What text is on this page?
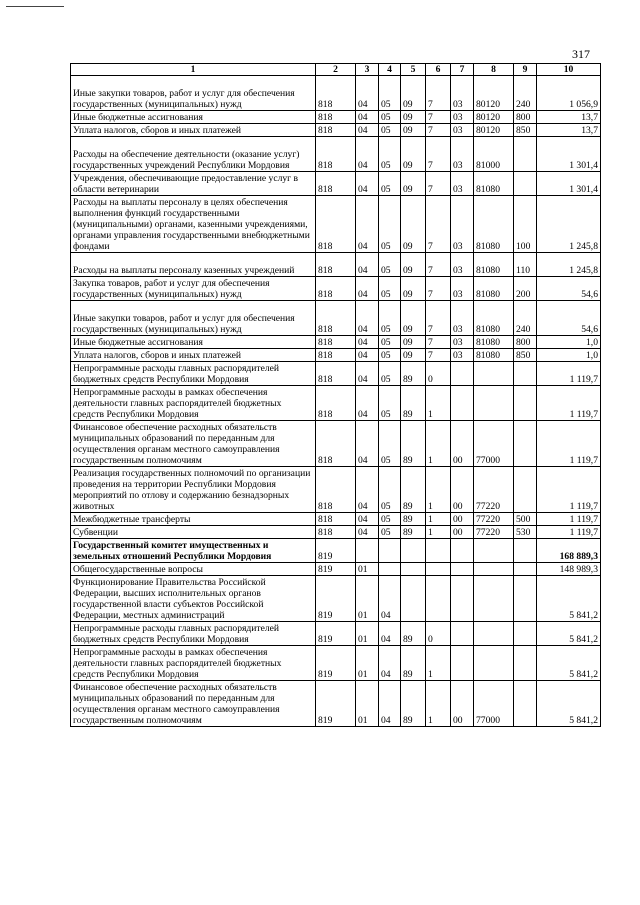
317
1	2	3	4	5	6	7	8	9	10
Иные закупки товаров, работ и услуг для обеспечения государственных (муниципальных) нужд	818	04	05	09	7	03	80120	240	1 056,9
Иные бюджетные ассигнования	818	04	05	09	7	03	80120	800	13,7
Уплата налогов, сборов и иных платежей	818	04	05	09	7	03	80120	850	13,7
Расходы на обеспечение деятельности (оказание услуг) государственных учреждений Республики Мордовия	818	04	05	09	7	03	81000		1 301,4
Учреждения, обеспечивающие предоставление услуг в области ветеринарии	818	04	05	09	7	03	81080		1 301,4
Расходы на выплаты персоналу в целях обеспечения выполнения функций государственными (муниципальными) органами, казенными учреждениями, органами управления государственными внебюджетными фондами	818	04	05	09	7	03	81080	100	1 245,8
Расходы на выплаты персоналу казенных учреждений	818	04	05	09	7	03	81080	110	1 245,8
Закупка товаров, работ и услуг для обеспечения государственных (муниципальных) нужд	818	04	05	09	7	03	81080	200	54,6
Иные закупки товаров, работ и услуг для обеспечения государственных (муниципальных) нужд	818	04	05	09	7	03	81080	240	54,6
Иные бюджетные ассигнования	818	04	05	09	7	03	81080	800	1,0
Уплата налогов, сборов и иных платежей	818	04	05	09	7	03	81080	850	1,0
Непрограммные расходы главных распорядителей бюджетных средств Республики Мордовия	818	04	05	89	0				1 119,7
Непрограммные расходы в рамках обеспечения деятельности главных распорядителей бюджетных средств Республики Мордовия	818	04	05	89	1				1 119,7
Финансовое обеспечение расходных обязательств муниципальных образований по переданным для осуществления органам местного самоуправления государственным полномочиям	818	04	05	89	1	00	77000		1 119,7
Реализация государственных полномочий по организации проведения на территории Республики Мордовия мероприятий по отлову и содержанию безнадзорных животных	818	04	05	89	1	00	77220		1 119,7
Межбюджетные трансферты	818	04	05	89	1	00	77220	500	1 119,7
Субвенции	818	04	05	89	1	00	77220	530	1 119,7
Государственный комитет имущественных и земельных отношений Республики Мордовия	819								168 889,3
Общегосударственные вопросы	819	01							148 989,3
Функционирование Правительства Российской Федерации, высших исполнительных органов государственной власти субъектов Российской Федерации, местных администраций	819	01	04						5 841,2
Непрограммные расходы главных распорядителей бюджетных средств Республики Мордовия	819	01	04	89	0				5 841,2
Непрограммные расходы в рамках обеспечения деятельности главных распорядителей бюджетных средств Республики Мордовия	819	01	04	89	1				5 841,2
Финансовое обеспечение расходных обязательств муниципальных образований по переданным для осуществления органам местного самоуправления государственным полномочиям	819	01	04	89	1	00	77000		5 841,2
